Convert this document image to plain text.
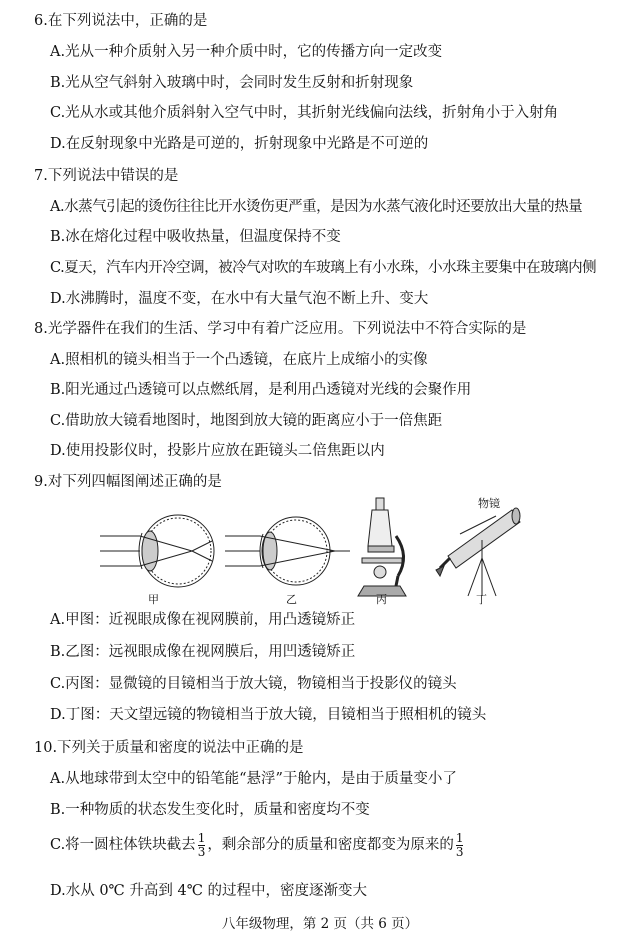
6.在下列说法中，正确的是
A.光从一种介质射入另一种介质中时，它的传播方向一定改变
B.光从空气斜射入玻璃中时，会同时发生反射和折射现象
C.光从水或其他介质斜射入空气中时，其折射光线偏向法线，折射角小于入射角
D.在反射现象中光路是可逆的，折射现象中光路是不可逆的
7.下列说法中错误的是
A.水蒸气引起的烫伤往往比开水烫伤更严重，是因为水蒸气液化时还要放出大量的热量
B.冰在熔化过程中吸收热量，但温度保持不变
C.夏天，汽车内开冷空调，被冷气对吹的车玻璃上有小水珠，小水珠主要集中在玻璃内侧
D.水沸腾时，温度不变，在水中有大量气泡不断上升、变大
8.光学器件在我们的生活、学习中有着广泛应用。下列说法中不符合实际的是
A.照相机的镜头相当于一个凸透镜，在底片上成缩小的实像
B.阳光通过凸透镜可以点燃纸屑，是利用凸透镜对光线的会聚作用
C.借助放大镜看地图时，地图到放大镜的距离应小于一倍焦距
D.使用投影仪时，投影片应放在距镜头二倍焦距以内
9.对下列四幅图阐述正确的是
甲	乙	丙	丁
物镜
A.甲图：近视眼成像在视网膜前，用凸透镜矫正
B.乙图：远视眼成像在视网膜后，用凹透镜矫正
C.丙图：显微镜的目镜相当于放大镜，物镜相当于投影仪的镜头
D.丁图：天文望远镜的物镜相当于放大镜，目镜相当于照相机的镜头
10.下列关于质量和密度的说法中正确的是
A.从地球带到太空中的铅笔能“悬浮”于舱内，是由于质量变小了
B.一种物质的状态发生变化时，质量和密度均不变
C.将一圆柱体铁块截去 $\frac{1}{3}$ ，剩余部分的质量和密度都变为原来的 $\frac{1}{3}$
D.水从 0℃ 升高到 4℃ 的过程中，密度逐渐变大
八年级物理，第 2 页（共 6 页）
